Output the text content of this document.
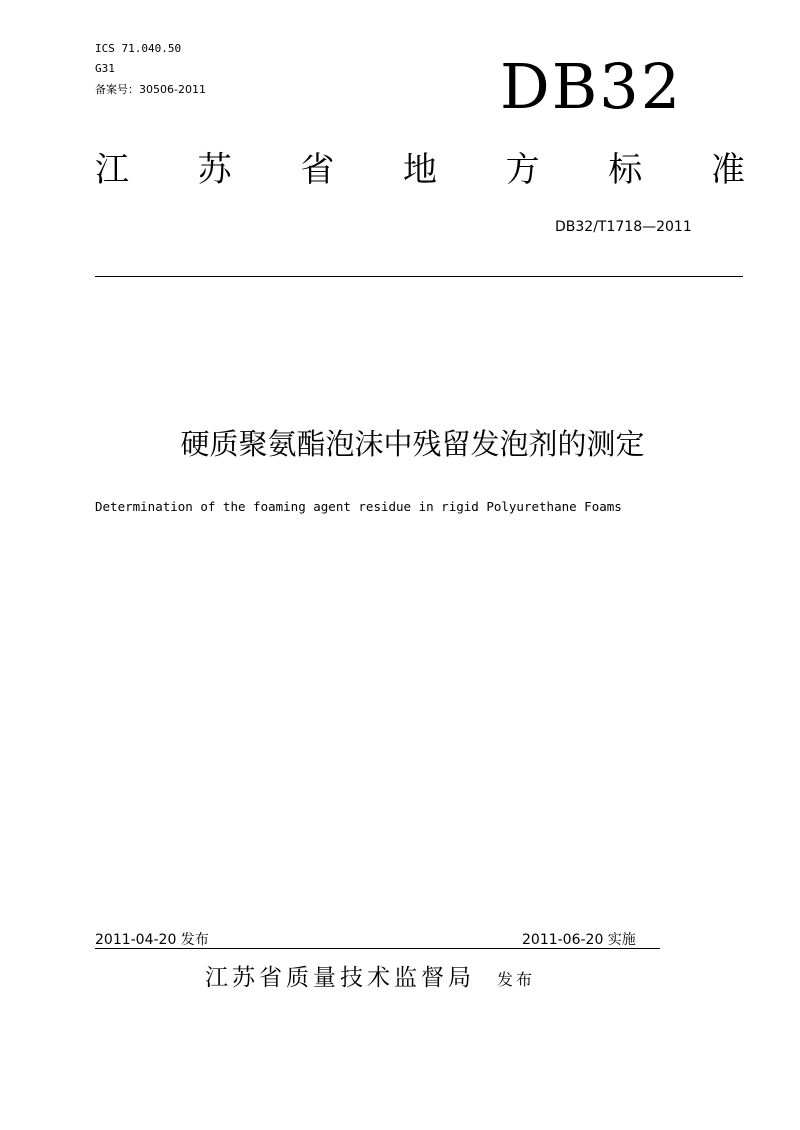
ICS 71.040.50
G31
备案号：30506-2011	DB32
江 苏 省 地 方 标 准
DB32/T1718—2011
硬质聚氨酯泡沫中残留发泡剂的测定
Determination of the foaming agent residue in rigid Polyurethane Foams
2011-04-20 发布	2011-06-20 实施
江苏省质量技术监督局 发布
